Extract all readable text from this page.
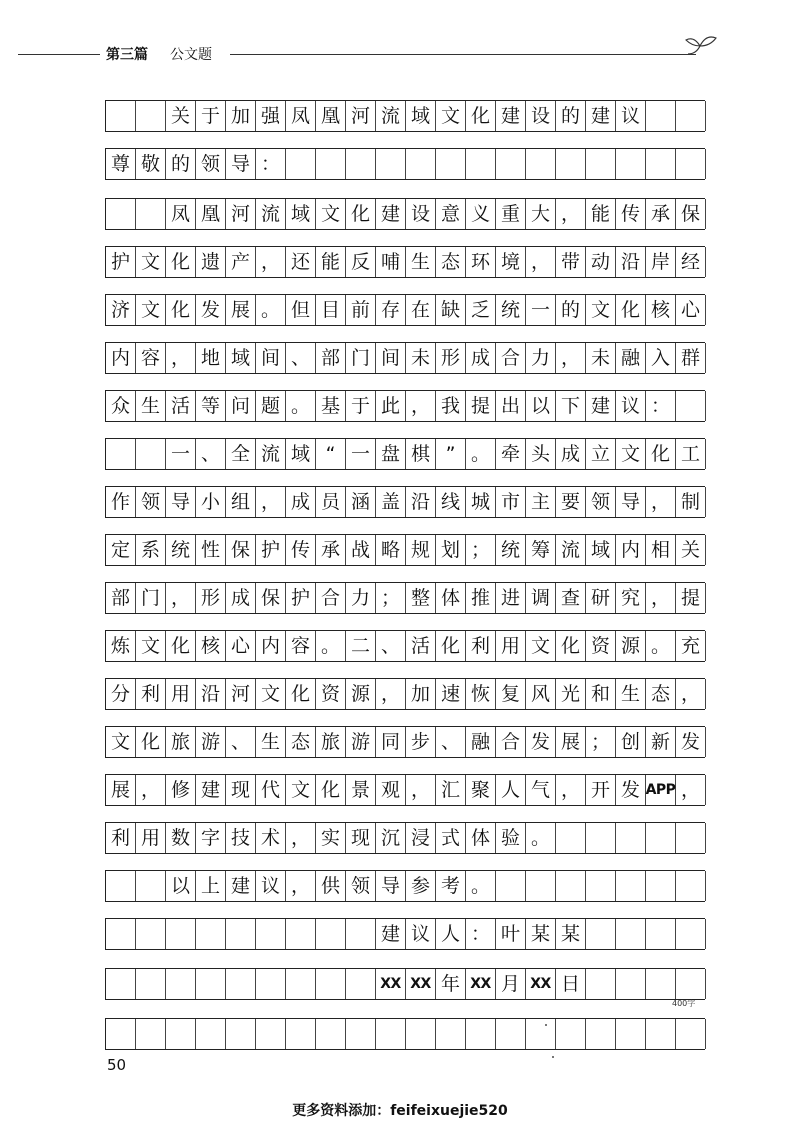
第三篇 公文题
关 于 加 强 凤 凰 河 流 域 文 化 建 设 的 建 议
尊 敬 的 领 导 ：
凤 凰 河 流 域 文 化 建 设 意 义 重 大 ， 能 传 承 保
护 文 化 遗 产 ， 还 能 反 哺 生 态 环 境 ， 带 动 沿 岸 经
济 文 化 发 展 。 但 目 前 存 在 缺 乏 统 一 的 文 化 核 心
内 容 ， 地 域 间 、 部 门 间 未 形 成 合 力 ， 未 融 入 群
众 生 活 等 问 题 。 基 于 此 ， 我 提 出 以 下 建 议 ：
一 、 全 流 域 “ 一 盘 棋 ” 。 牵 头 成 立 文 化 工
作 领 导 小 组 ， 成 员 涵 盖 沿 线 城 市 主 要 领 导 ， 制
定 系 统 性 保 护 传 承 战 略 规 划 ； 统 筹 流 域 内 相 关
部 门 ， 形 成 保 护 合 力 ； 整 体 推 进 调 查 研 究 ， 提
炼 文 化 核 心 内 容 。 二 、 活 化 利 用 文 化 资 源 。 充
分 利 用 沿 河 文 化 资 源 ， 加 速 恢 复 风 光 和 生 态 ，
文 化 旅 游 、 生 态 旅 游 同 步 、 融 合 发 展 ； 创 新 发
展 ， 修 建 现 代 文 化 景 观 ， 汇 聚 人 气 ， 开 发 APP ，
利 用 数 字 技 术 ， 实 现 沉 浸 式 体 验 。
以 上 建 议 ， 供 领 导 参 考 。
建 议 人 ： 叶 某 某
XX XX 年 XX 月 XX 日
400字
50
更多资料添加：feifeixuejie520
